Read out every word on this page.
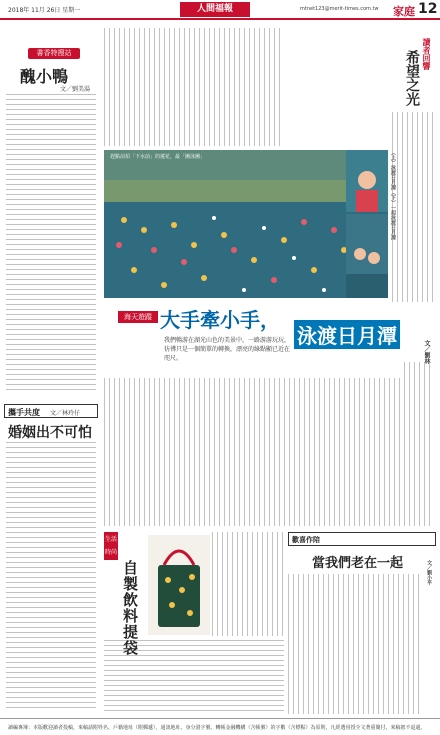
2018年 11月 26日 星期一	人間福報	mtnet123@merit-times.com.tw 家庭 12
書香特搜站
醜小鴨
文／劉美湯
攜手共度 文／林玲仔
婚姻出不可怕
趕點前拍「下水前」的蓮花，最「團泳團」
讀者回響
希望之光
（上）泳渡日月潭（下）一起泳渡日月潭
海天遊蹤 大手牽小手，
泳渡日月潭
我們暢游在湖光山色的美景中，一路游游玩玩，彷彿只是一個簡單的轉換，漂亮的綠點顯已近在咫尺。	文／劉林
生活
時尚
自製飲料提袋
歡喜作陪
當我們老在一起	文／劉小平
讀編專簿：本版歡迎讀者投稿，來稿請附姓名、戶籍地址（附郵遞），通訊地址、身分證字號、轉帳金融機構（含帳號）的字數（含標點）為原則，凡經選用授全文著重簡付，來稿恕不退還。
